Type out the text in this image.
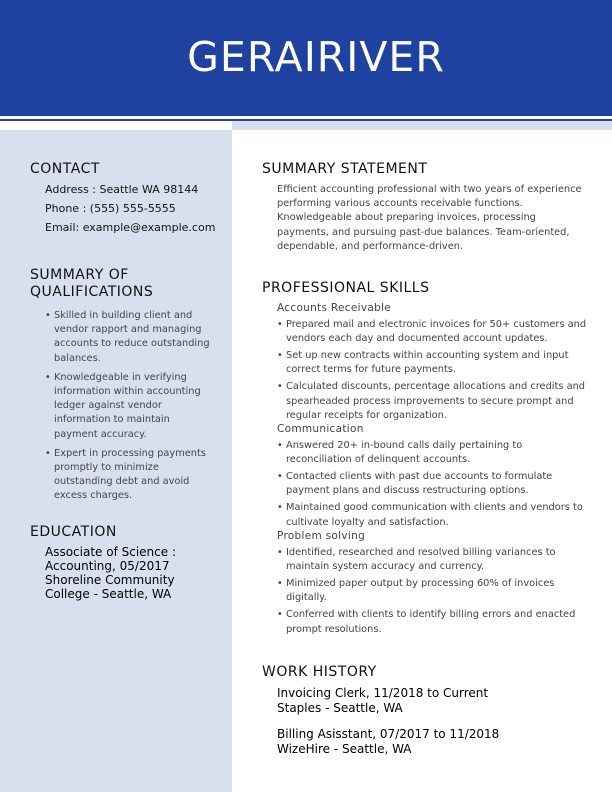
GERAIRIVER
CONTACT
Address : Seattle WA 98144
Phone : (555) 555-5555
Email: example@example.com
SUMMARY OF
QUALIFICATIONS
• Skilled in building client and vendor rapport and managing accounts to reduce outstanding balances.
• Knowledgeable in verifying information within accounting ledger against vendor information to maintain payment accuracy.
• Expert in processing payments promptly to minimize outstanding debt and avoid excess charges.
EDUCATION
Associate of Science :
Accounting, 05/2017
Shoreline Community
College - Seattle, WA
SUMMARY STATEMENT

Efficient accounting professional with two years of experience performing various accounts receivable functions. Knowledgeable about preparing invoices, processing payments, and pursuing past-due balances. Team-oriented, dependable, and performance-driven.

PROFESSIONAL SKILLS
Accounts Receivable
• Prepared mail and electronic invoices for 50+ customers and vendors each day and documented account updates.
• Set up new contracts within accounting system and input correct terms for future payments.
• Calculated discounts, percentage allocations and credits and spearheaded process improvements to secure prompt and regular receipts for organization.
Communication
• Answered 20+ in-bound calls daily pertaining to reconciliation of delinquent accounts.
• Contacted clients with past due accounts to formulate payment plans and discuss restructuring options.
• Maintained good communication with clients and vendors to cultivate loyalty and satisfaction.
Problem solving
• Identified, researched and resolved billing variances to maintain system accuracy and currency.
• Minimized paper output by processing 60% of invoices digitally.
• Conferred with clients to identify billing errors and enacted prompt resolutions.
WORK HISTORY
Invoicing Clerk, 11/2018 to Current
Staples - Seattle, WA
Billing Asisstant, 07/2017 to 11/2018
WizeHire - Seattle, WA
